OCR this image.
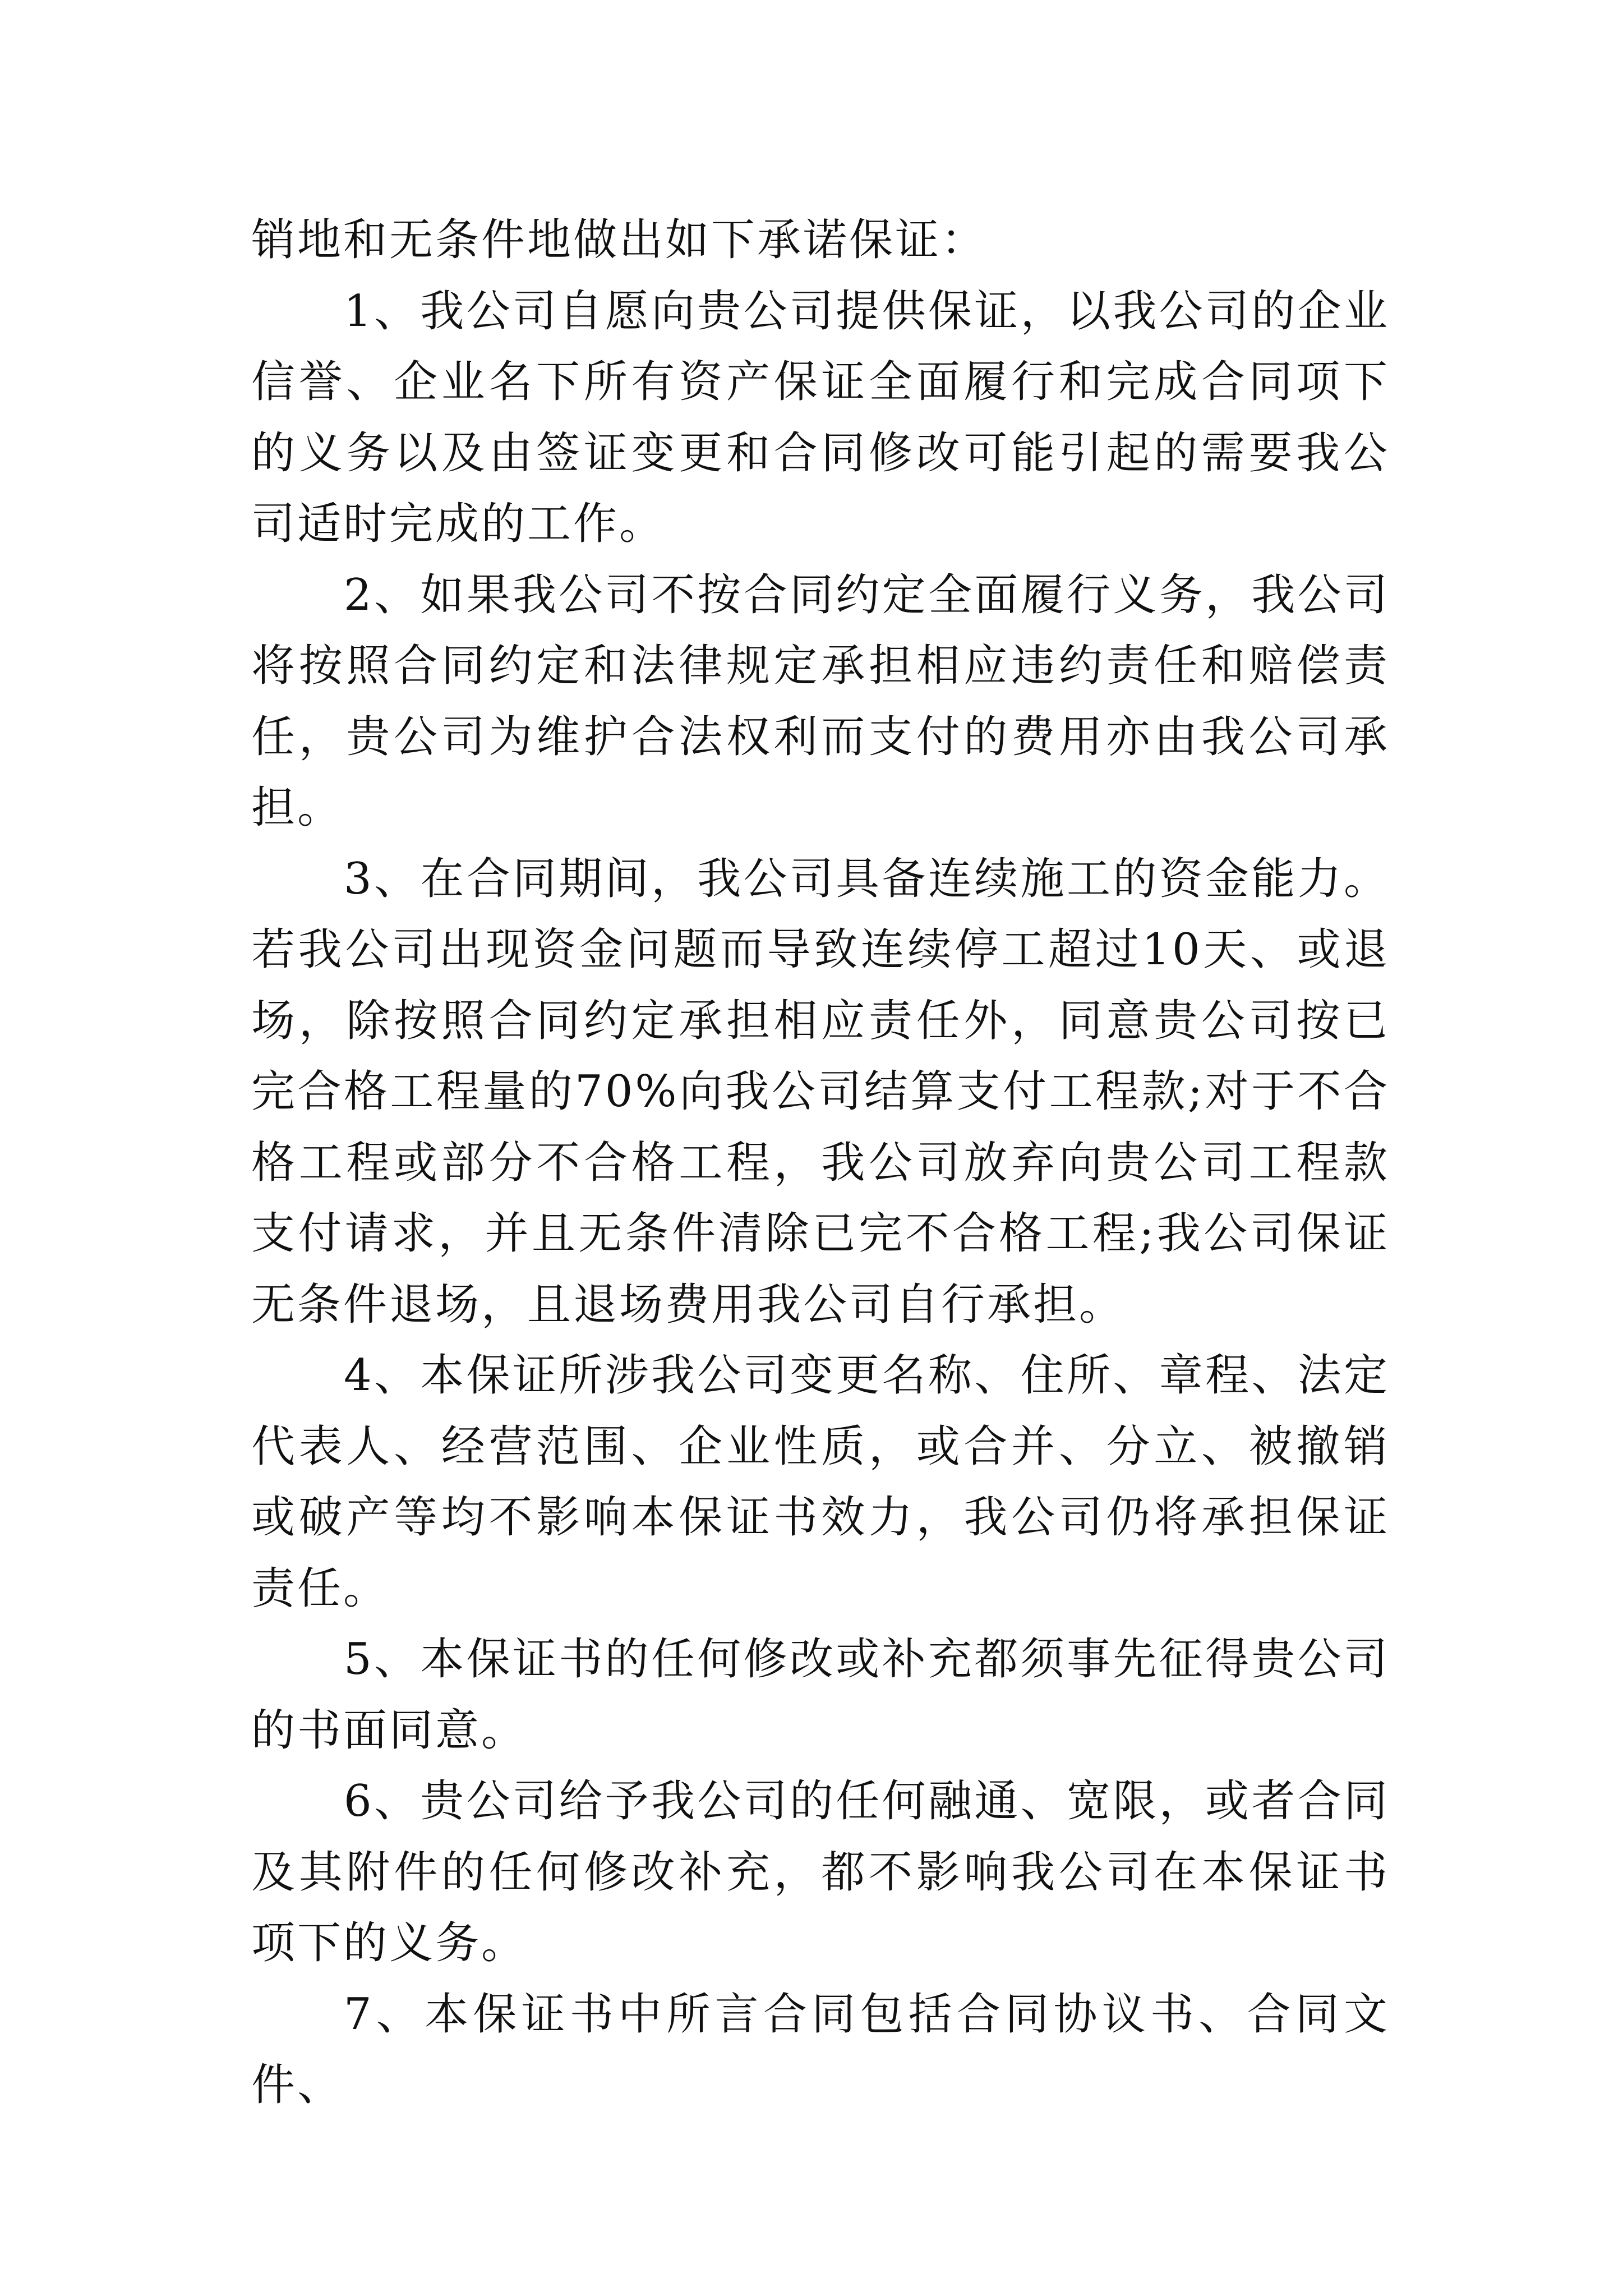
销地和无条件地做出如下承诺保证：

1、我公司自愿向贵公司提供保证，以我公司的企业信誉、企业名下所有资产保证全面履行和完成合同项下的义务以及由签证变更和合同修改可能引起的需要我公司适时完成的工作。

2、如果我公司不按合同约定全面履行义务，我公司将按照合同约定和法律规定承担相应违约责任和赔偿责任，贵公司为维护合法权利而支付的费用亦由我公司承担。

3、在合同期间，我公司具备连续施工的资金能力。若我公司出现资金问题而导致连续停工超过10天、或退场，除按照合同约定承担相应责任外，同意贵公司按已完合格工程量的70%向我公司结算支付工程款;对于不合格工程或部分不合格工程，我公司放弃向贵公司工程款支付请求，并且无条件清除已完不合格工程;我公司保证无条件退场，且退场费用我公司自行承担。

4、本保证所涉我公司变更名称、住所、章程、法定代表人、经营范围、企业性质，或合并、分立、被撤销或破产等均不影响本保证书效力，我公司仍将承担保证责任。

5、本保证书的任何修改或补充都须事先征得贵公司的书面同意。

6、贵公司给予我公司的任何融通、宽限，或者合同及其附件的任何修改补充，都不影响我公司在本保证书项下的义务。

7、本保证书中所言合同包括合同协议书、合同文件、
